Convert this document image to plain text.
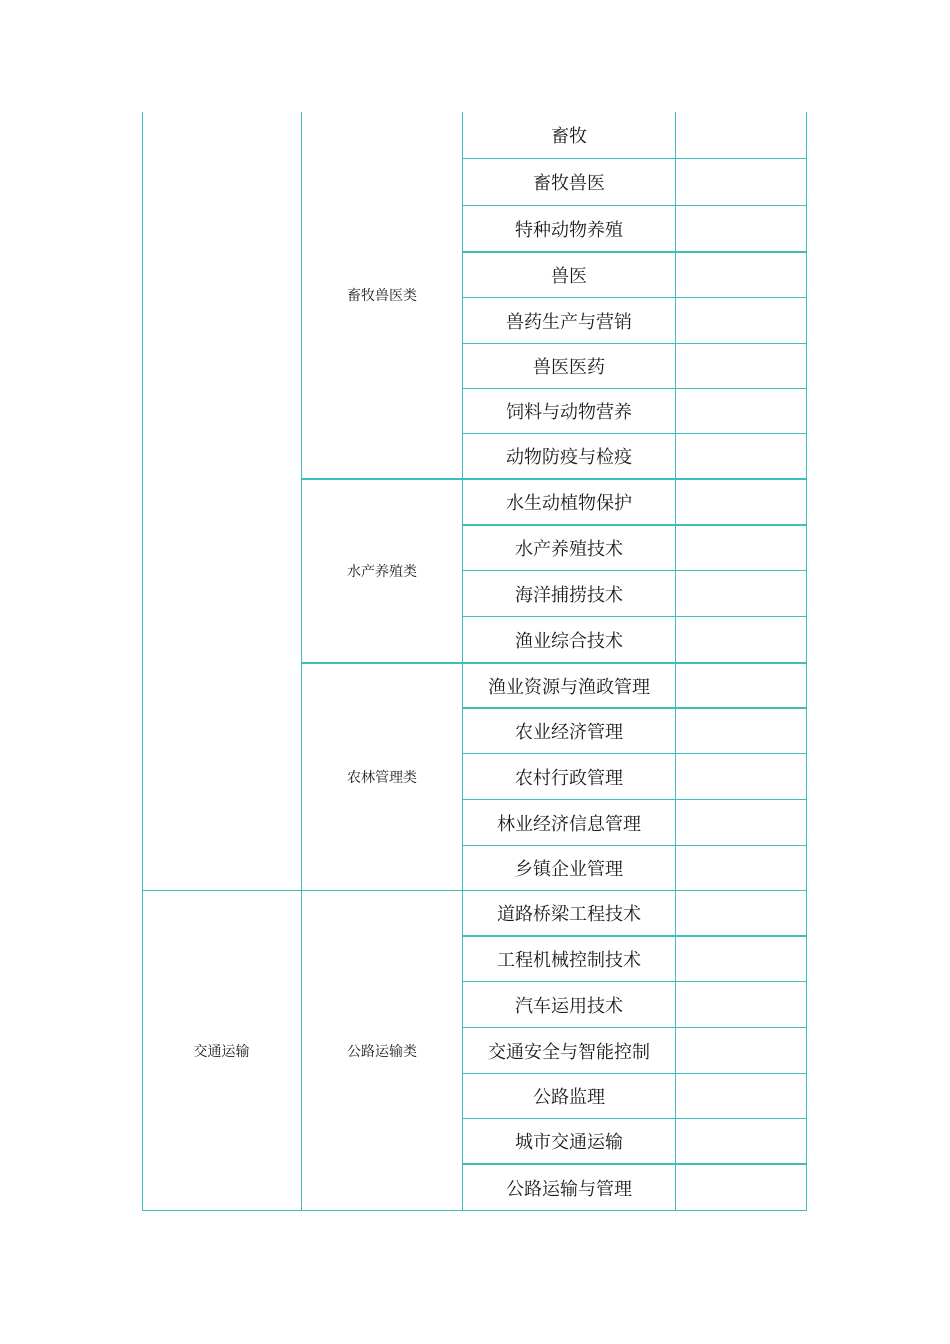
畜牧兽医类
水产养殖类
农林管理类
畜牧
畜牧兽医
特种动物养殖
兽医
兽药生产与营销
兽医医药
饲料与动物营养
动物防疫与检疫
水生动植物保护
水产养殖技术
海洋捕捞技术
渔业综合技术
渔业资源与渔政管理
农业经济管理
农村行政管理
林业经济信息管理
乡镇企业管理
交通运输	公路运输类
道路桥梁工程技术
工程机械控制技术
汽车运用技术
交通安全与智能控制
公路监理
城市交通运输
公路运输与管理
